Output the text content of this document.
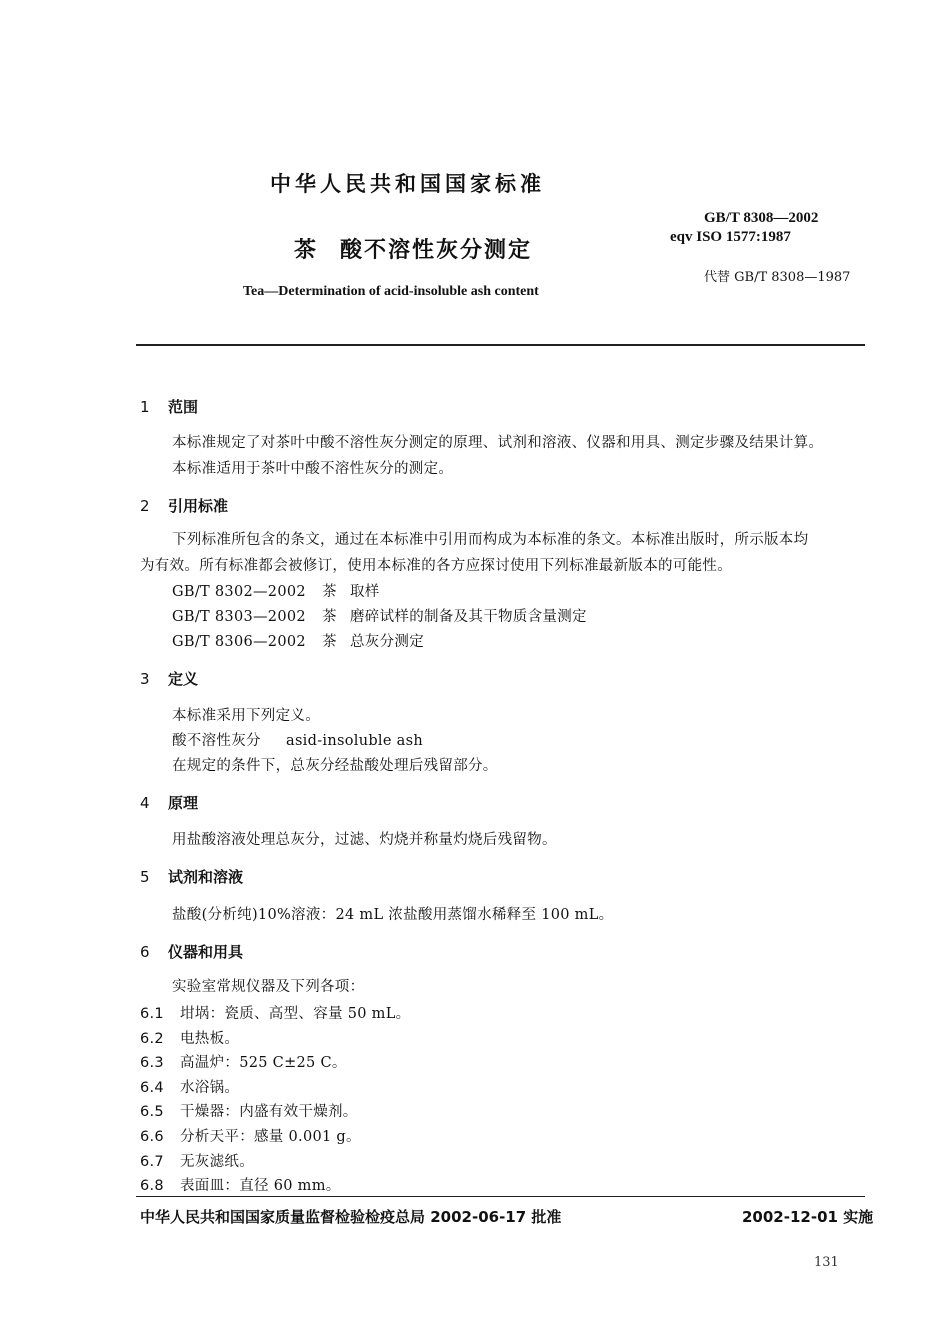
中华人民共和国国家标准
GB/T 8308—2002
eqv ISO 1577:1987
代替 GB/T 8308—1987
茶 酸不溶性灰分测定
Tea—Determination of acid-insoluble ash content
1 范围
本标准规定了对茶叶中酸不溶性灰分测定的原理、试剂和溶液、仪器和用具、测定步骤及结果计算。
本标准适用于茶叶中酸不溶性灰分的测定。
2 引用标准
下列标准所包含的条文，通过在本标准中引用而构成为本标准的条文。本标准出版时，所示版本均
为有效。所有标准都会被修订，使用本标准的各方应探讨使用下列标准最新版本的可能性。
GB/T 8302—2002 茶 取样
GB/T 8303—2002 茶 磨碎试样的制备及其干物质含量测定
GB/T 8306—2002 茶 总灰分测定
3 定义
本标准采用下列定义。
酸不溶性灰分 asid-insoluble ash
在规定的条件下，总灰分经盐酸处理后残留部分。
4 原理
用盐酸溶液处理总灰分，过滤、灼烧并称量灼烧后残留物。
5 试剂和溶液
盐酸(分析纯)10%溶液：24 mL 浓盐酸用蒸馏水稀释至 100 mL。
6 仪器和用具
实验室常规仪器及下列各项：
6.1 坩埚：瓷质、高型、容量 50 mL。
6.2 电热板。
6.3 高温炉：525 C±25 C。
6.4 水浴锅。
6.5 干燥器：内盛有效干燥剂。
6.6 分析天平：感量 0.001 g。
6.7 无灰滤纸。
6.8 表面皿：直径 60 mm。
中华人民共和国国家质量监督检验检疫总局 2002-06-17 批准	2002-12-01 实施
131
